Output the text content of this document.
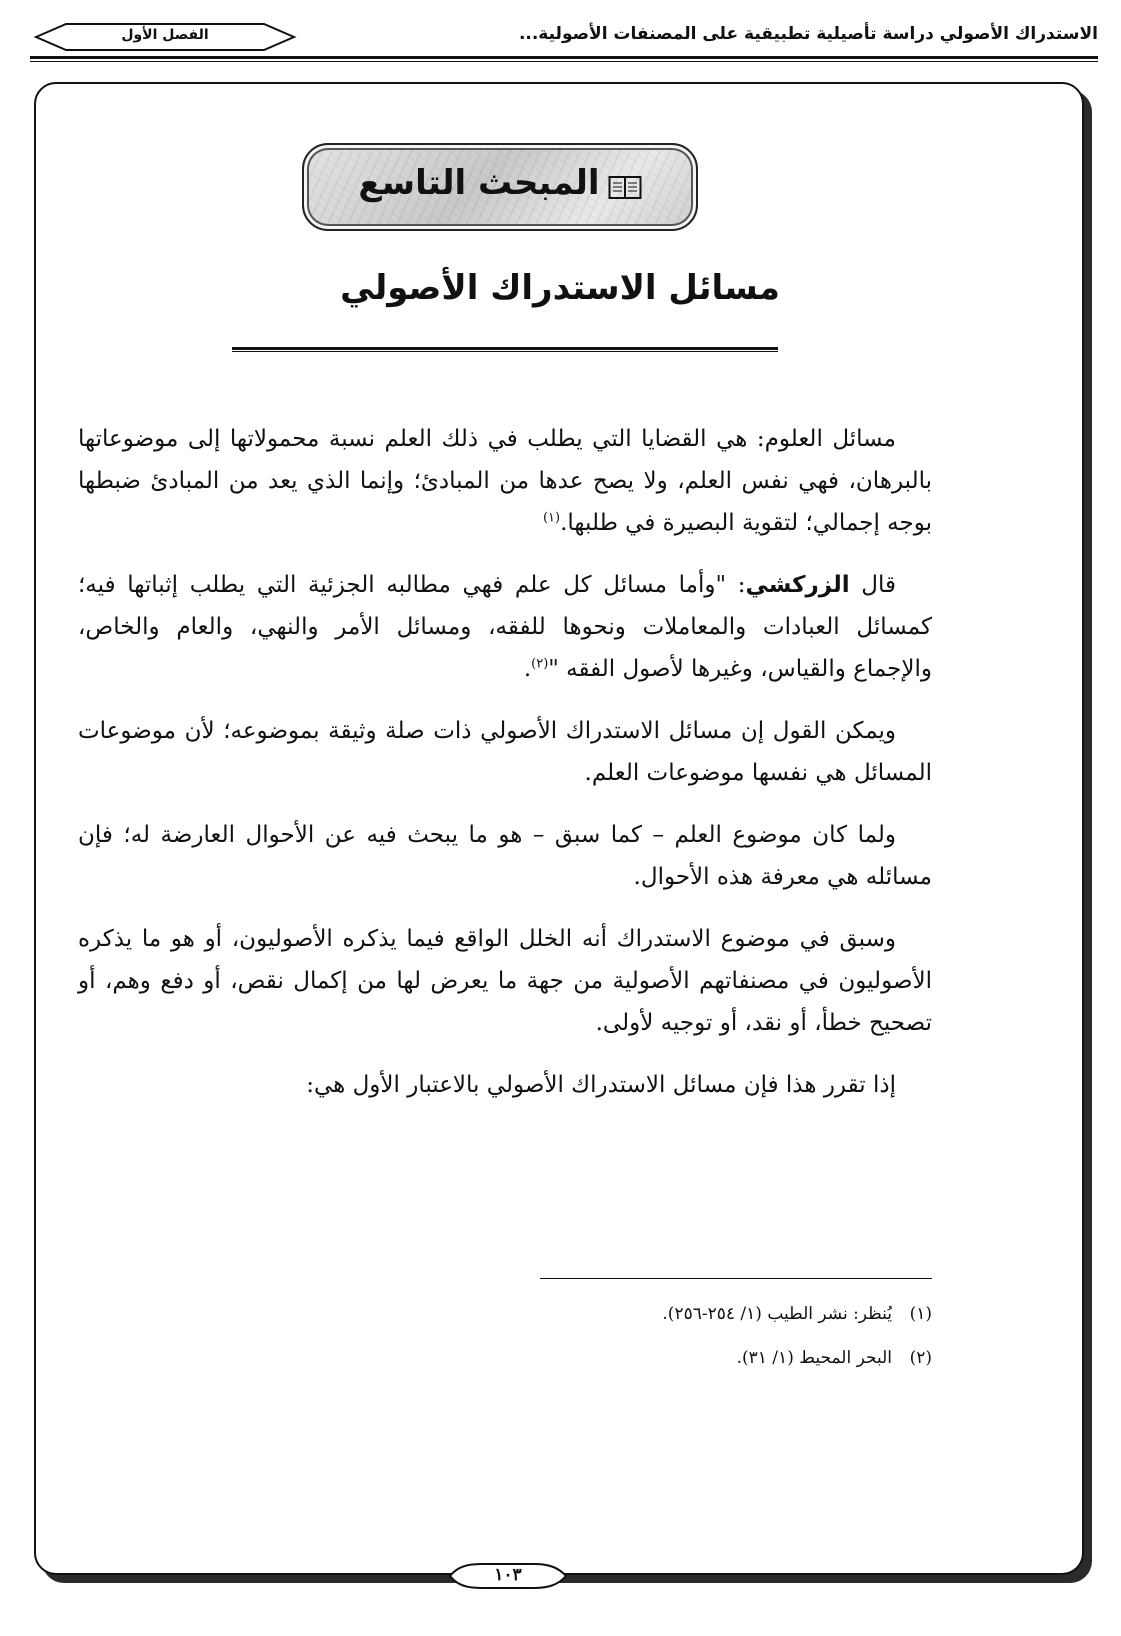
الاستدراك الأصولي دراسة تأصيلية تطبيقية على المصنفات الأصولية...
الفصل الأول
المبحث التاسع
مسائل الاستدراك الأصولي

مسائل العلوم: هي القضايا التي يطلب في ذلك العلم نسبة محمولاتها إلى موضوعاتها بالبرهان، فهي نفس العلم، ولا يصح عدها من المبادئ؛ وإنما الذي يعد من المبادئ ضبطها بوجه إجمالي؛ لتقوية البصيرة في طلبها.$^{(١)}$

قال الزركشي: "وأما مسائل كل علم فهي مطالبه الجزئية التي يطلب إثباتها فيه؛ كمسائل العبادات والمعاملات ونحوها للفقه، ومسائل الأمر والنهي، والعام والخاص، والإجماع والقياس، وغيرها لأصول الفقه "$^{(٢)}$.

ويمكن القول إن مسائل الاستدراك الأصولي ذات صلة وثيقة بموضوعه؛ لأن موضوعات المسائل هي نفسها موضوعات العلم.

ولما كان موضوع العلم – كما سبق – هو ما يبحث فيه عن الأحوال العارضة له؛ فإن مسائله هي معرفة هذه الأحوال.

وسبق في موضوع الاستدراك أنه الخلل الواقع فيما يذكره الأصوليون، أو هو ما يذكره الأصوليون في مصنفاتهم الأصولية من جهة ما يعرض لها من إكمال نقص، أو دفع وهم، أو تصحيح خطأ، أو نقد، أو توجيه لأولى.

إذا تقرر هذا فإن مسائل الاستدراك الأصولي بالاعتبار الأول هي:

(١)يُنظر: نشر الطيب (١/ ٢٥٤-٢٥٦).
(٢)البحر المحيط (١/ ٣١).
١٠٣
